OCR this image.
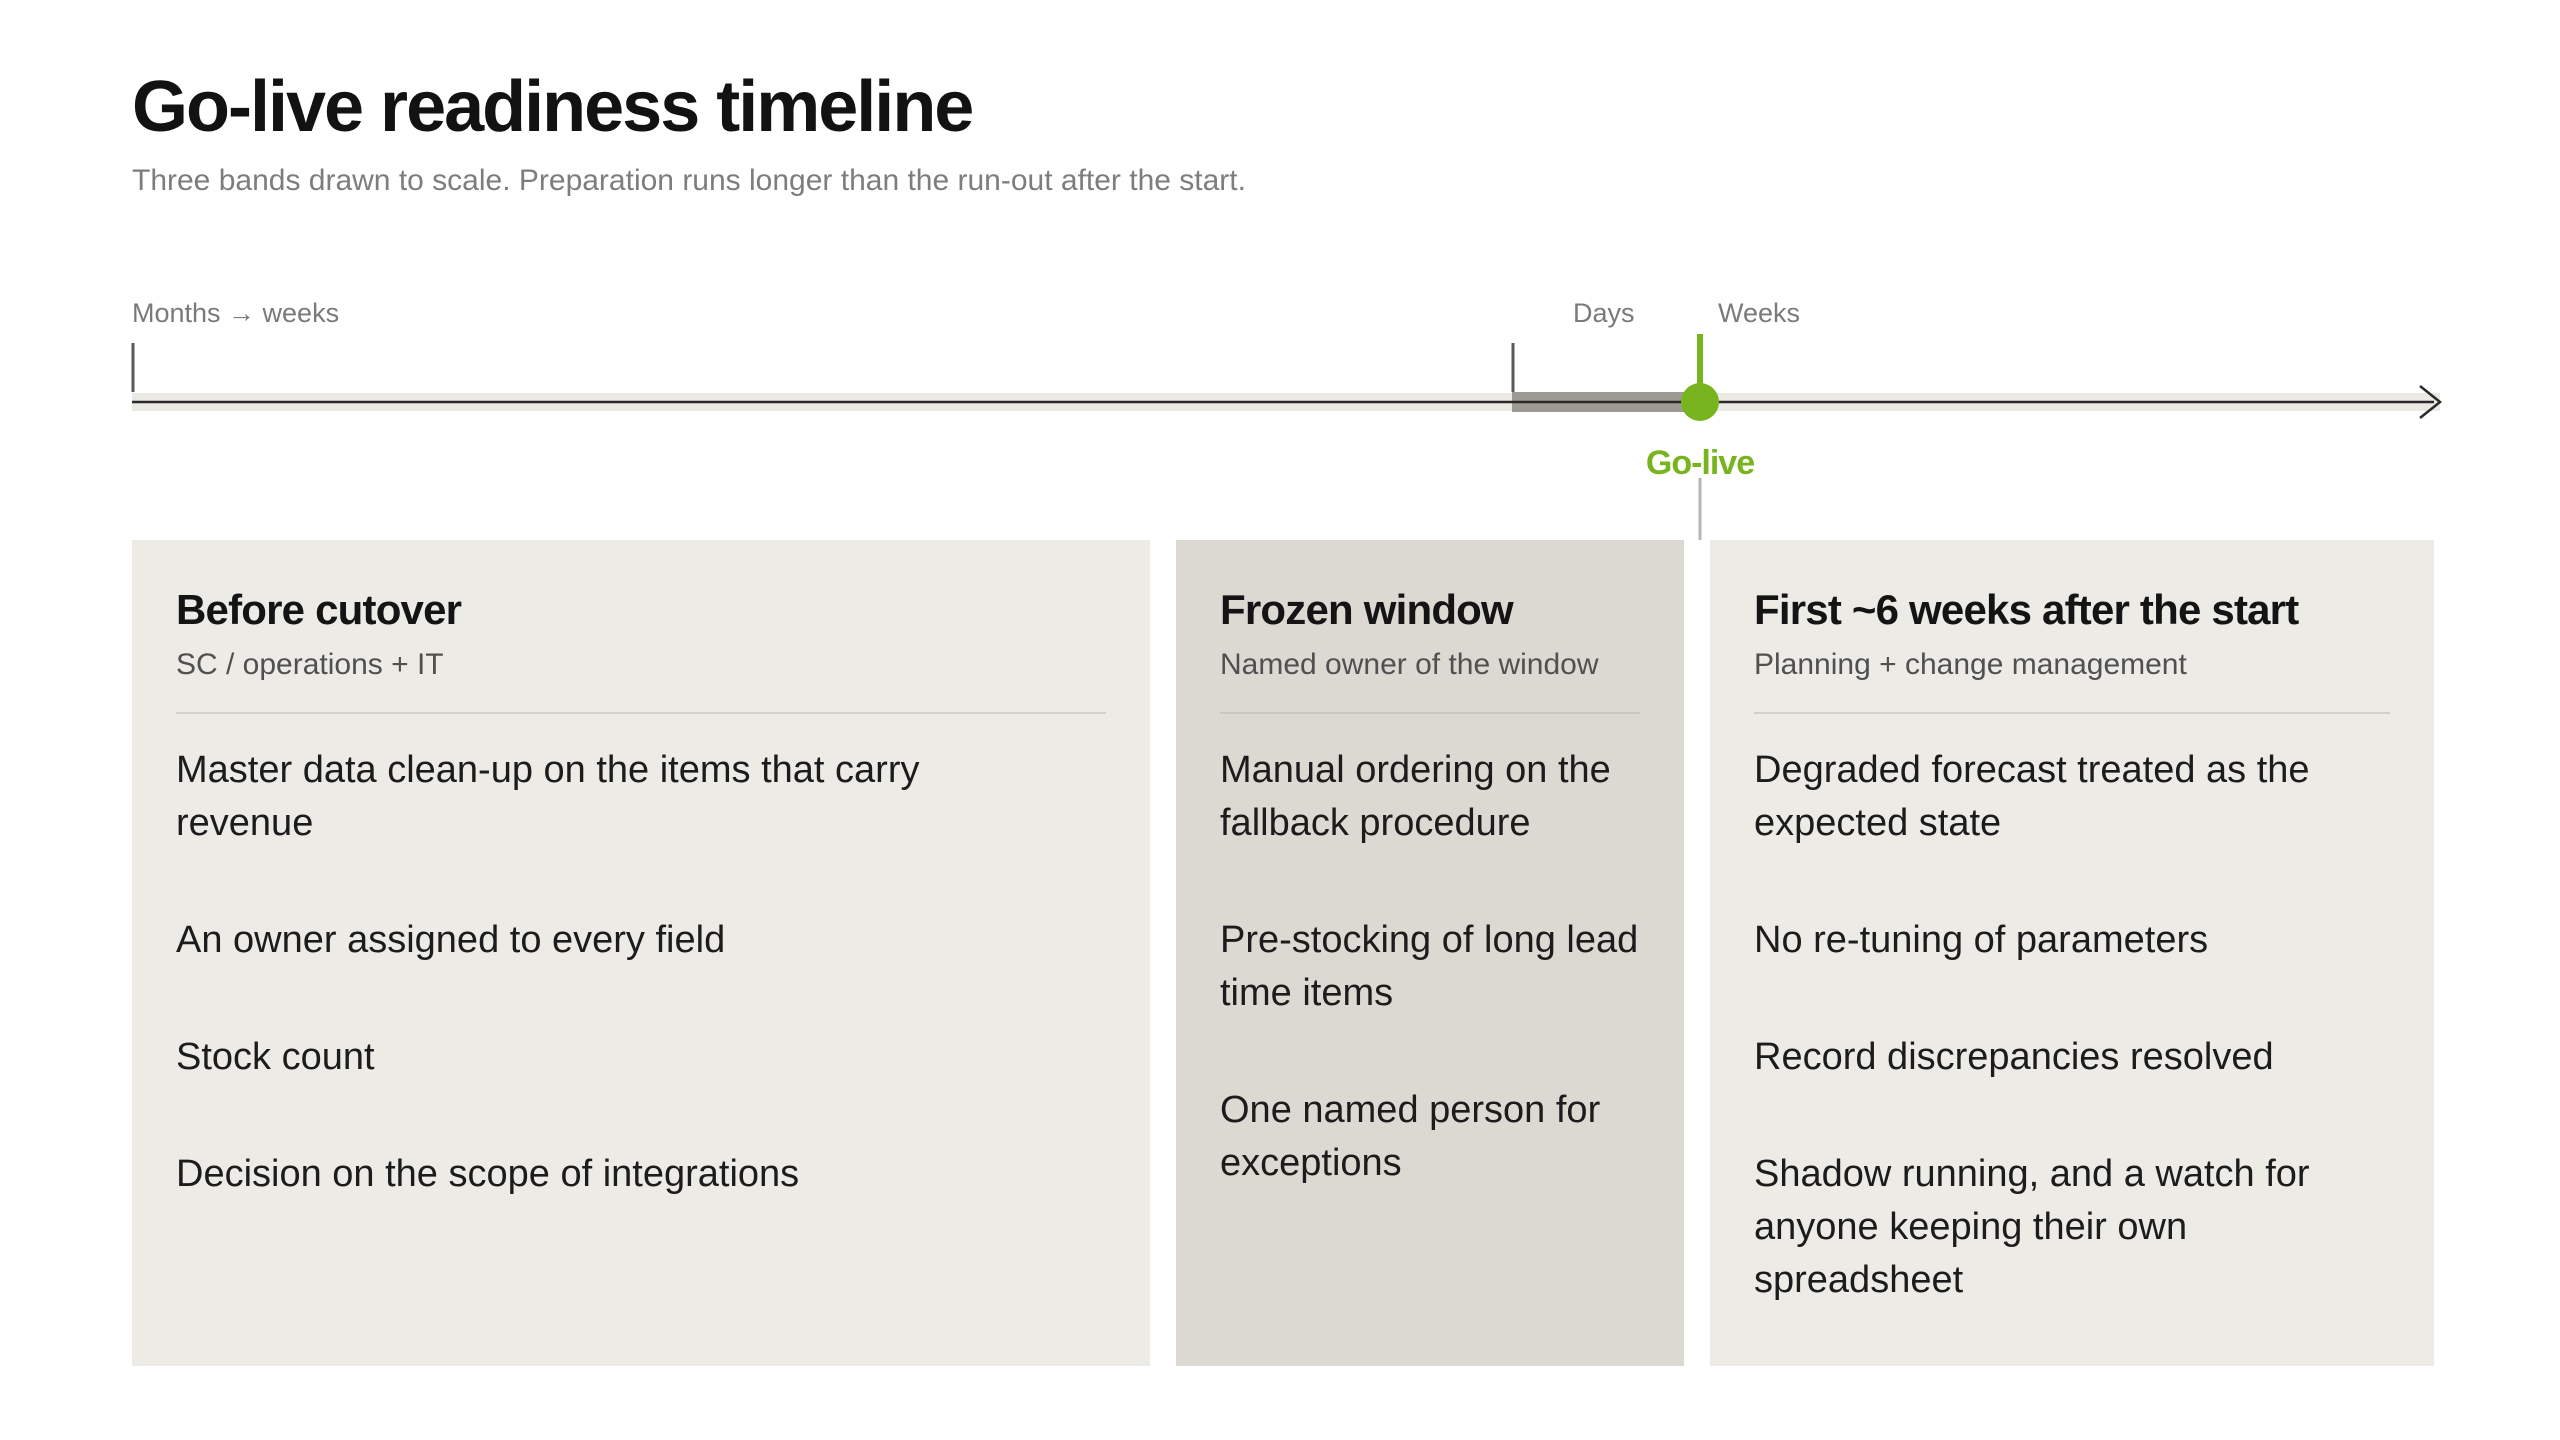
Go-live readiness timeline
Three bands drawn to scale. Preparation runs longer than the run-out after the start.
Months → weeks	Days	Weeks
Go-live
Before cutover
SC / operations + IT
Master data clean-up on the items that carry revenue
An owner assigned to every field
Stock count
Decision on the scope of integrations
Frozen window
Named owner of the window
Manual ordering on the fallback procedure
Pre-stocking of long lead time items
One named person for exceptions
First ~6 weeks after the start
Planning + change management
Degraded forecast treated as the expected state
No re-tuning of parameters
Record discrepancies resolved
Shadow running, and a watch for anyone keeping their own spreadsheet
